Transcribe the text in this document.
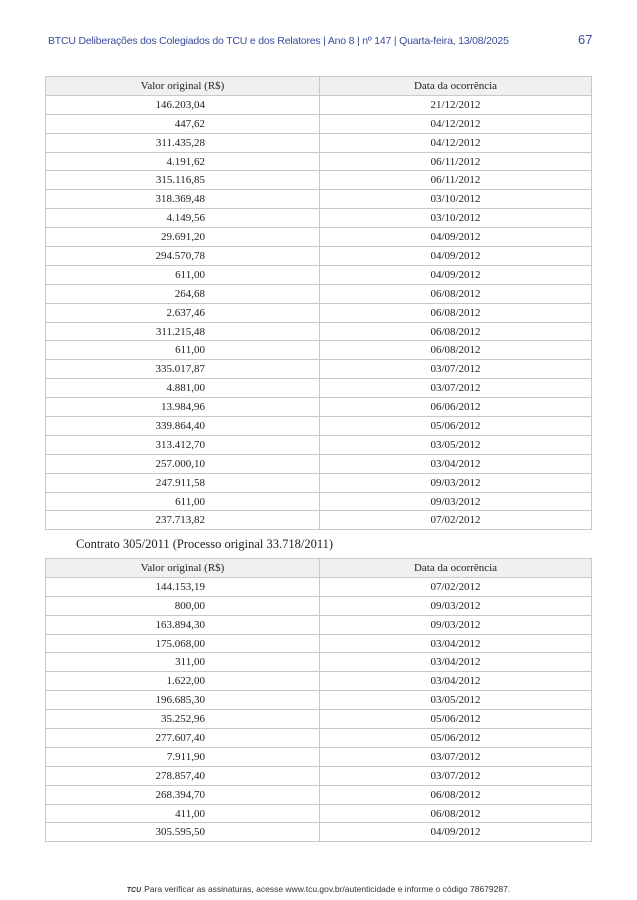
BTCU Deliberações dos Colegiados do TCU e dos Relatores | Ano 8 | nº 147 | Quarta-feira, 13/08/2025	67
Valor original (R$)	Data da ocorrência
146.203,04	21/12/2012
447,62	04/12/2012
311.435,28	04/12/2012
4.191,62	06/11/2012
315.116,85	06/11/2012
318.369,48	03/10/2012
4.149,56	03/10/2012
29.691,20	04/09/2012
294.570,78	04/09/2012
611,00	04/09/2012
264,68	06/08/2012
2.637,46	06/08/2012
311.215,48	06/08/2012
611,00	06/08/2012
335.017,87	03/07/2012
4.881,00	03/07/2012
13.984,96	06/06/2012
339.864,40	05/06/2012
313.412,70	03/05/2012
257.000,10	03/04/2012
247.911,58	09/03/2012
611,00	09/03/2012
237.713,82	07/02/2012
Contrato 305/2011 (Processo original 33.718/2011)
Valor original (R$)	Data da ocorrência
144.153,19	07/02/2012
800,00	09/03/2012
163.894,30	09/03/2012
175.068,00	03/04/2012
311,00	03/04/2012
1.622,00	03/04/2012
196.685,30	03/05/2012
35.252,96	05/06/2012
277.607,40	05/06/2012
7.911,90	03/07/2012
278.857,40	03/07/2012
268.394,70	06/08/2012
411,00	06/08/2012
305.595,50	04/09/2012
TCU Para verificar as assinaturas, acesse www.tcu.gov.br/autenticidade e informe o código 78679287.
